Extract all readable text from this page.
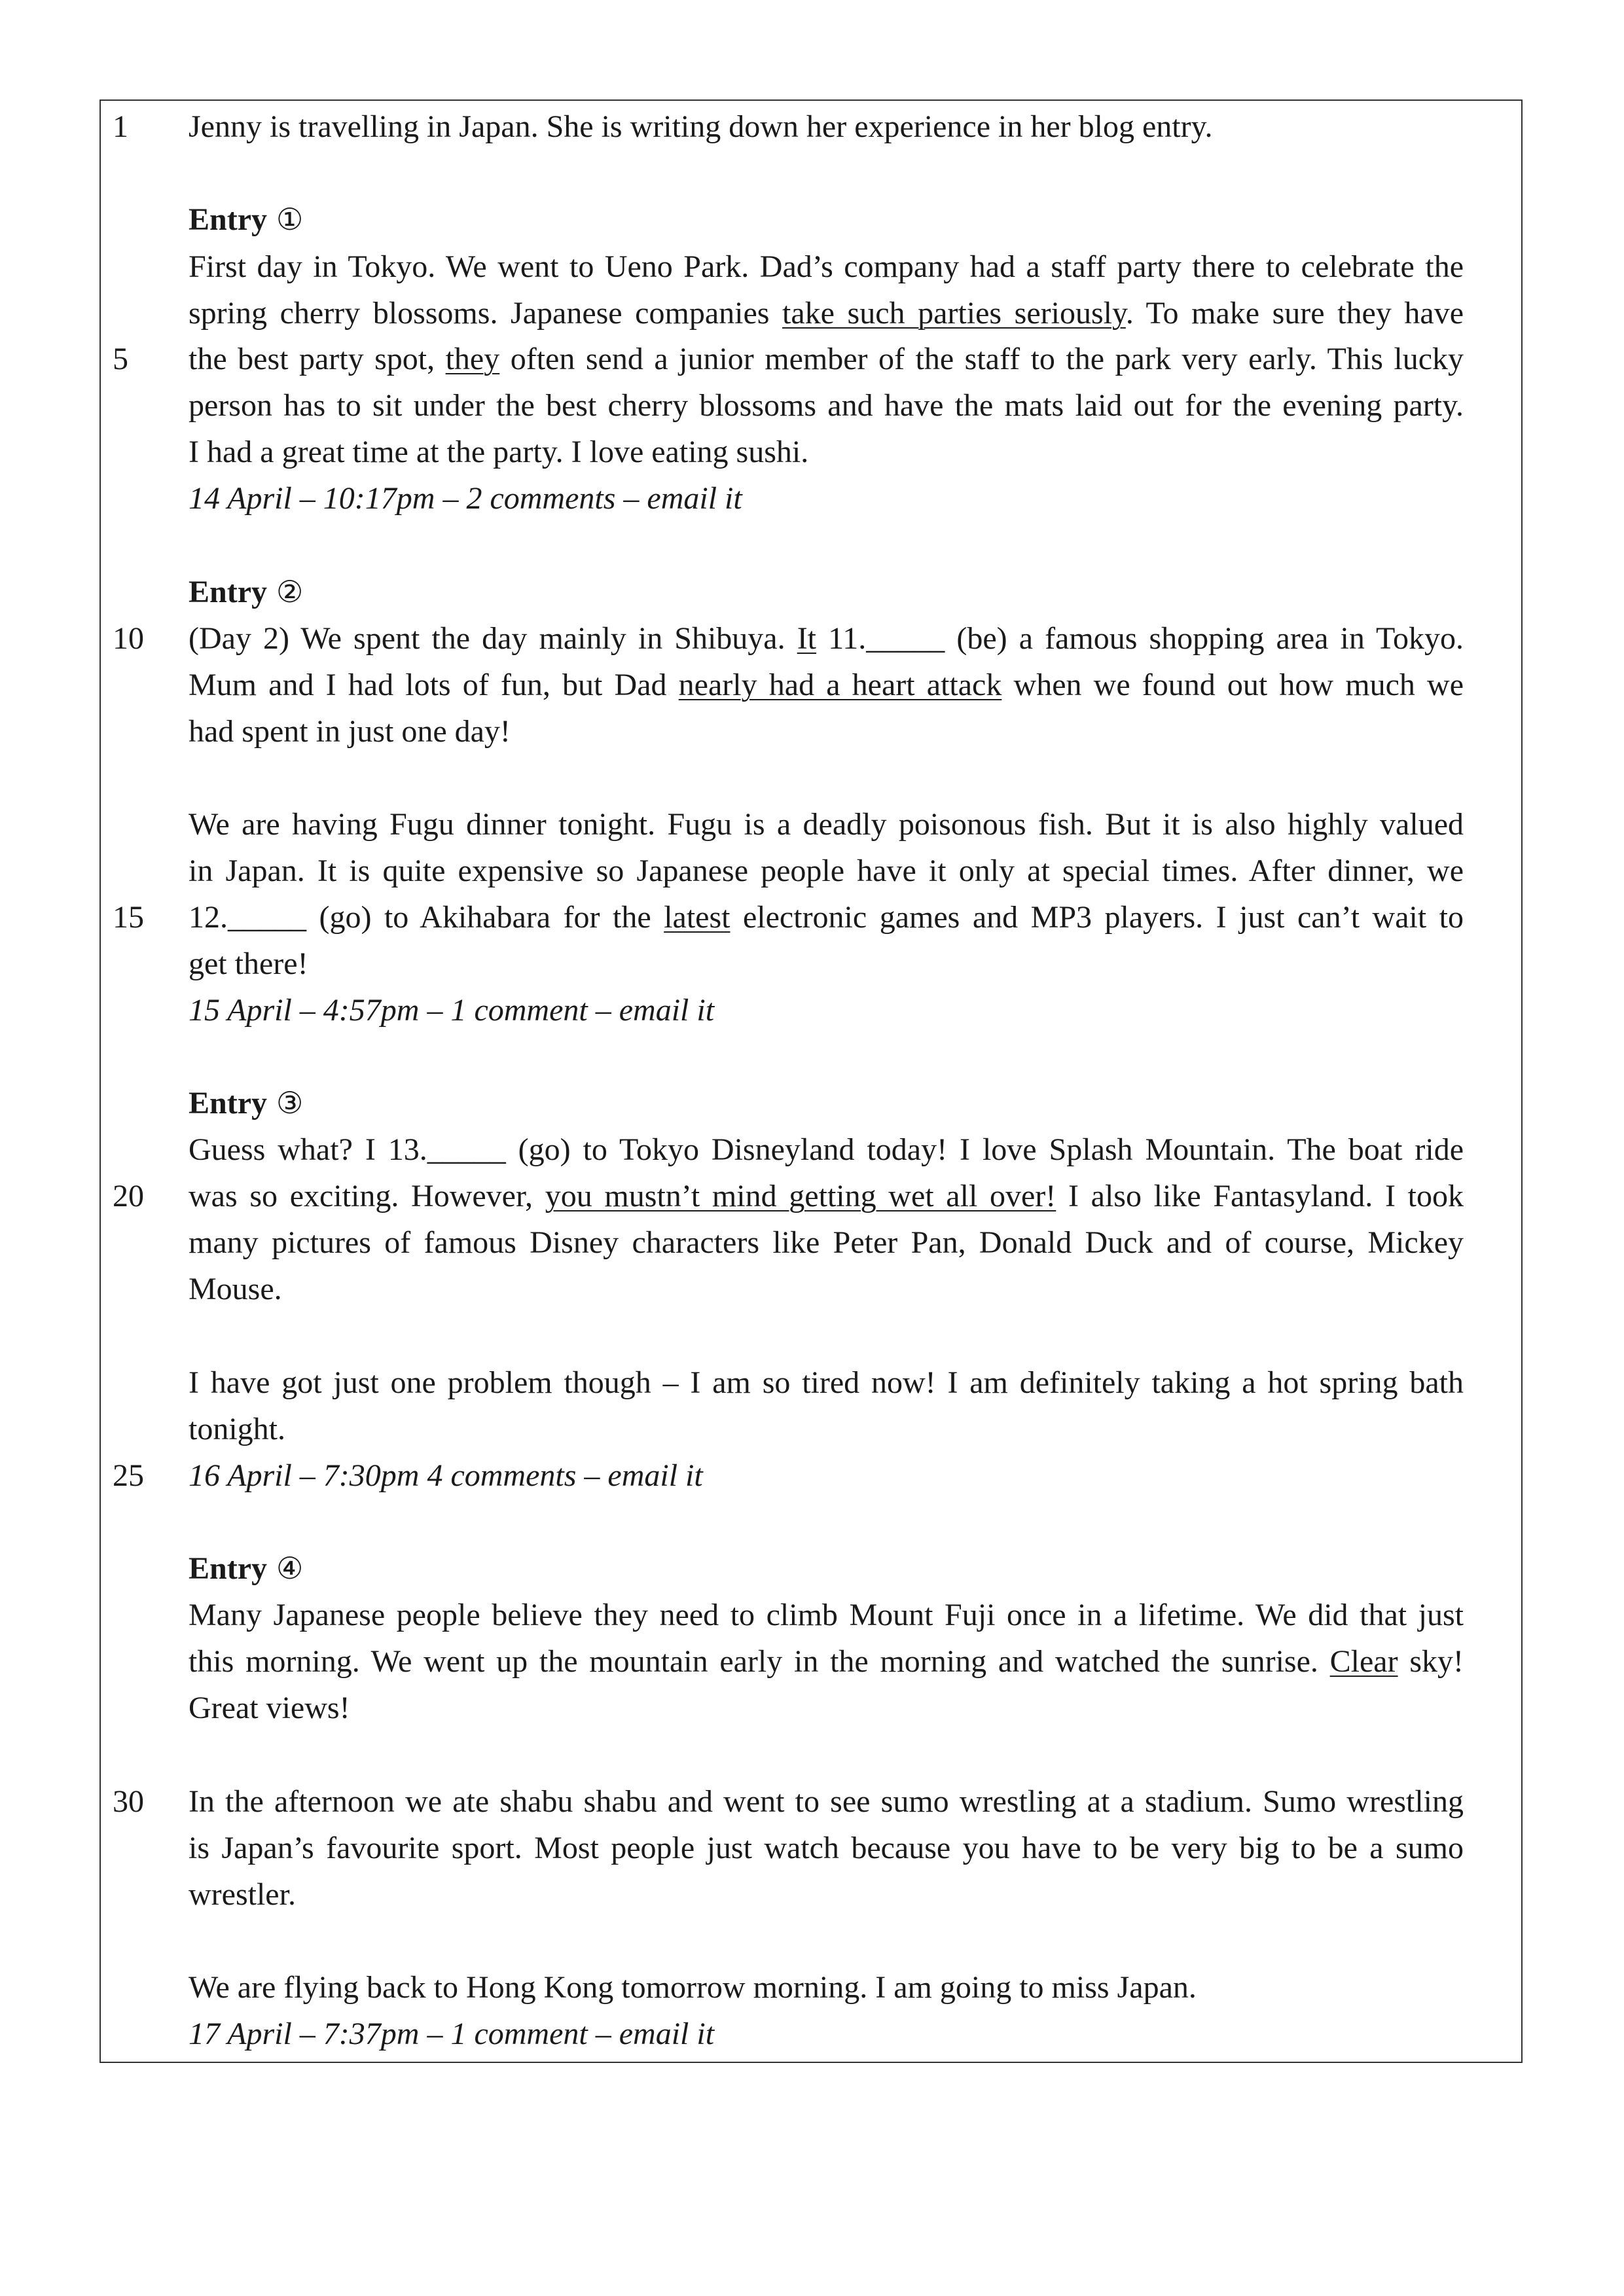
1	Jenny is travelling in Japan. She is writing down her experience in her blog entry.
Entry ①
First day in Tokyo. We went to Ueno Park. Dad’s company had a staff party there to celebrate the
spring cherry blossoms. Japanese companies take such parties seriously. To make sure they have
5	the best party spot, they often send a junior member of the staff to the park very early. This lucky
person has to sit under the best cherry blossoms and have the mats laid out for the evening party.
I had a great time at the party. I love eating sushi.
14 April – 10:17pm – 2 comments – email it
Entry ②
10	(Day 2) We spent the day mainly in Shibuya. It 11._____ (be) a famous shopping area in Tokyo.
Mum and I had lots of fun, but Dad nearly had a heart attack when we found out how much we
had spent in just one day!
We are having Fugu dinner tonight. Fugu is a deadly poisonous fish. But it is also highly valued
in Japan. It is quite expensive so Japanese people have it only at special times. After dinner, we
15	12._____ (go) to Akihabara for the latest electronic games and MP3 players. I just can’t wait to
get there!
15 April – 4:57pm – 1 comment – email it
Entry ③
Guess what? I 13._____ (go) to Tokyo Disneyland today! I love Splash Mountain. The boat ride
20	was so exciting. However, you mustn’t mind getting wet all over! I also like Fantasyland. I took
many pictures of famous Disney characters like Peter Pan, Donald Duck and of course, Mickey
Mouse.
I have got just one problem though – I am so tired now! I am definitely taking a hot spring bath
tonight.
25	16 April – 7:30pm 4 comments – email it
Entry ④
Many Japanese people believe they need to climb Mount Fuji once in a lifetime. We did that just
this morning. We went up the mountain early in the morning and watched the sunrise. Clear sky!
Great views!
30	In the afternoon we ate shabu shabu and went to see sumo wrestling at a stadium. Sumo wrestling
is Japan’s favourite sport. Most people just watch because you have to be very big to be a sumo
wrestler.
We are flying back to Hong Kong tomorrow morning. I am going to miss Japan.
17 April – 7:37pm – 1 comment – email it
